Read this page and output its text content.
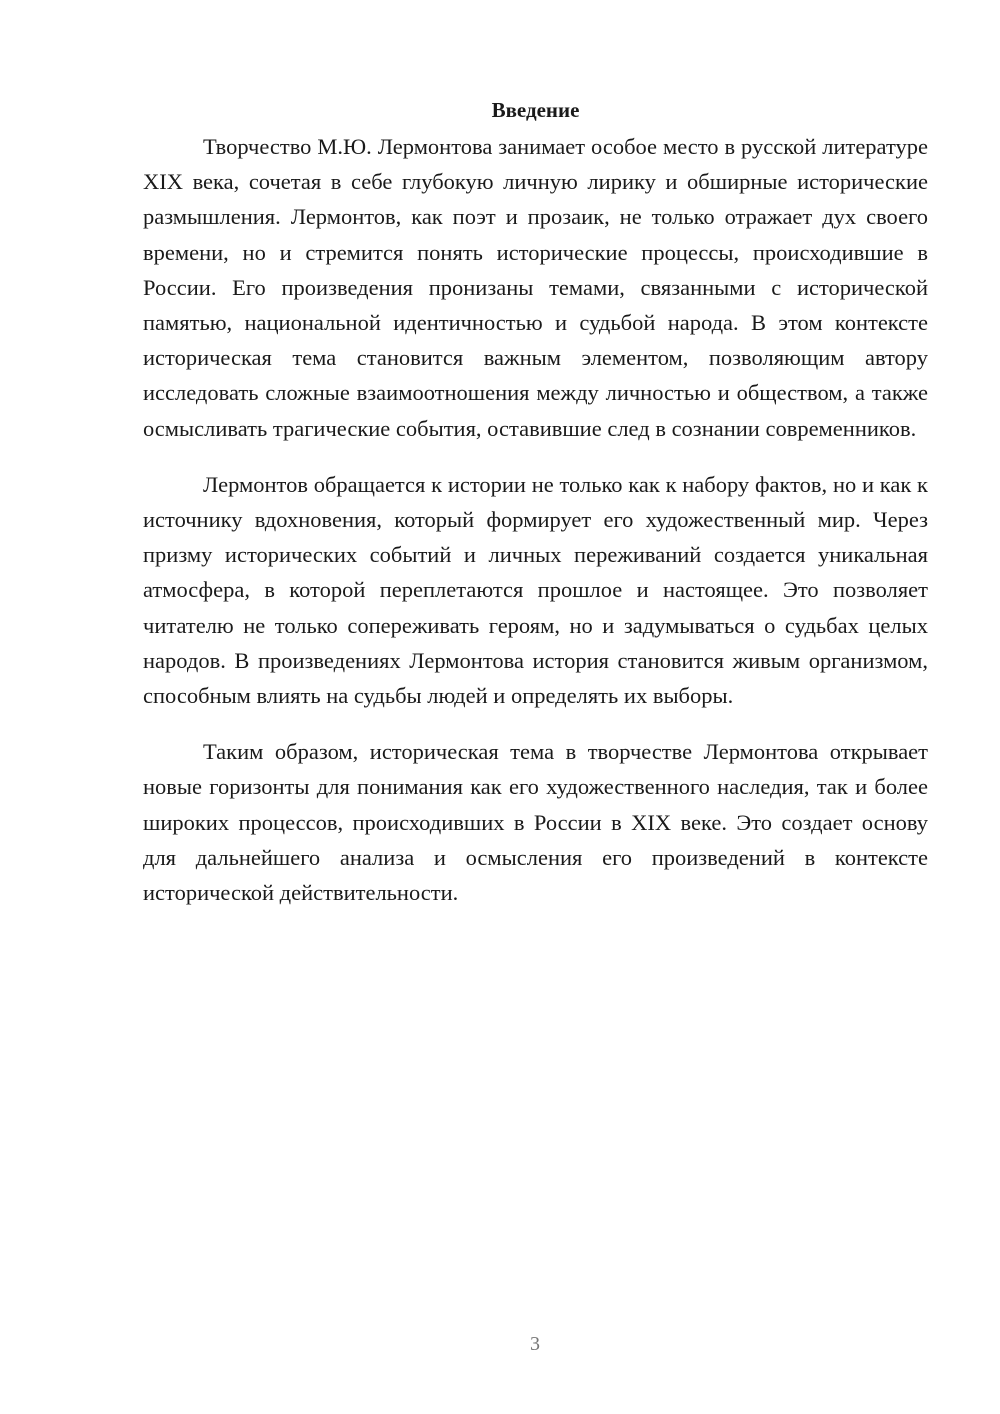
Введение

Творчество М.Ю. Лермонтова занимает особое место в русской литературе XIX века, сочетая в себе глубокую личную лирику и обширные исторические размышления. Лермонтов, как поэт и прозаик, не только отражает дух своего времени, но и стремится понять исторические процессы, происходившие в России. Его произведения пронизаны темами, связанными с исторической памятью, национальной идентичностью и судьбой народа. В этом контексте историческая тема становится важным элементом, позволяющим автору исследовать сложные взаимоотношения между личностью и обществом, а также осмысливать трагические события, оставившие след в сознании современников.

Лермонтов обращается к истории не только как к набору фактов, но и как к источнику вдохновения, который формирует его художественный мир. Через призму исторических событий и личных переживаний создается уникальная атмосфера, в которой переплетаются прошлое и настоящее. Это позволяет читателю не только сопереживать героям, но и задумываться о судьбах целых народов. В произведениях Лермонтова история становится живым организмом, способным влиять на судьбы людей и определять их выборы.

Таким образом, историческая тема в творчестве Лермонтова открывает новые горизонты для понимания как его художественного наследия, так и более широких процессов, происходивших в России в XIX веке. Это создает основу для дальнейшего анализа и осмысления его произведений в контексте исторической действительности.

3
